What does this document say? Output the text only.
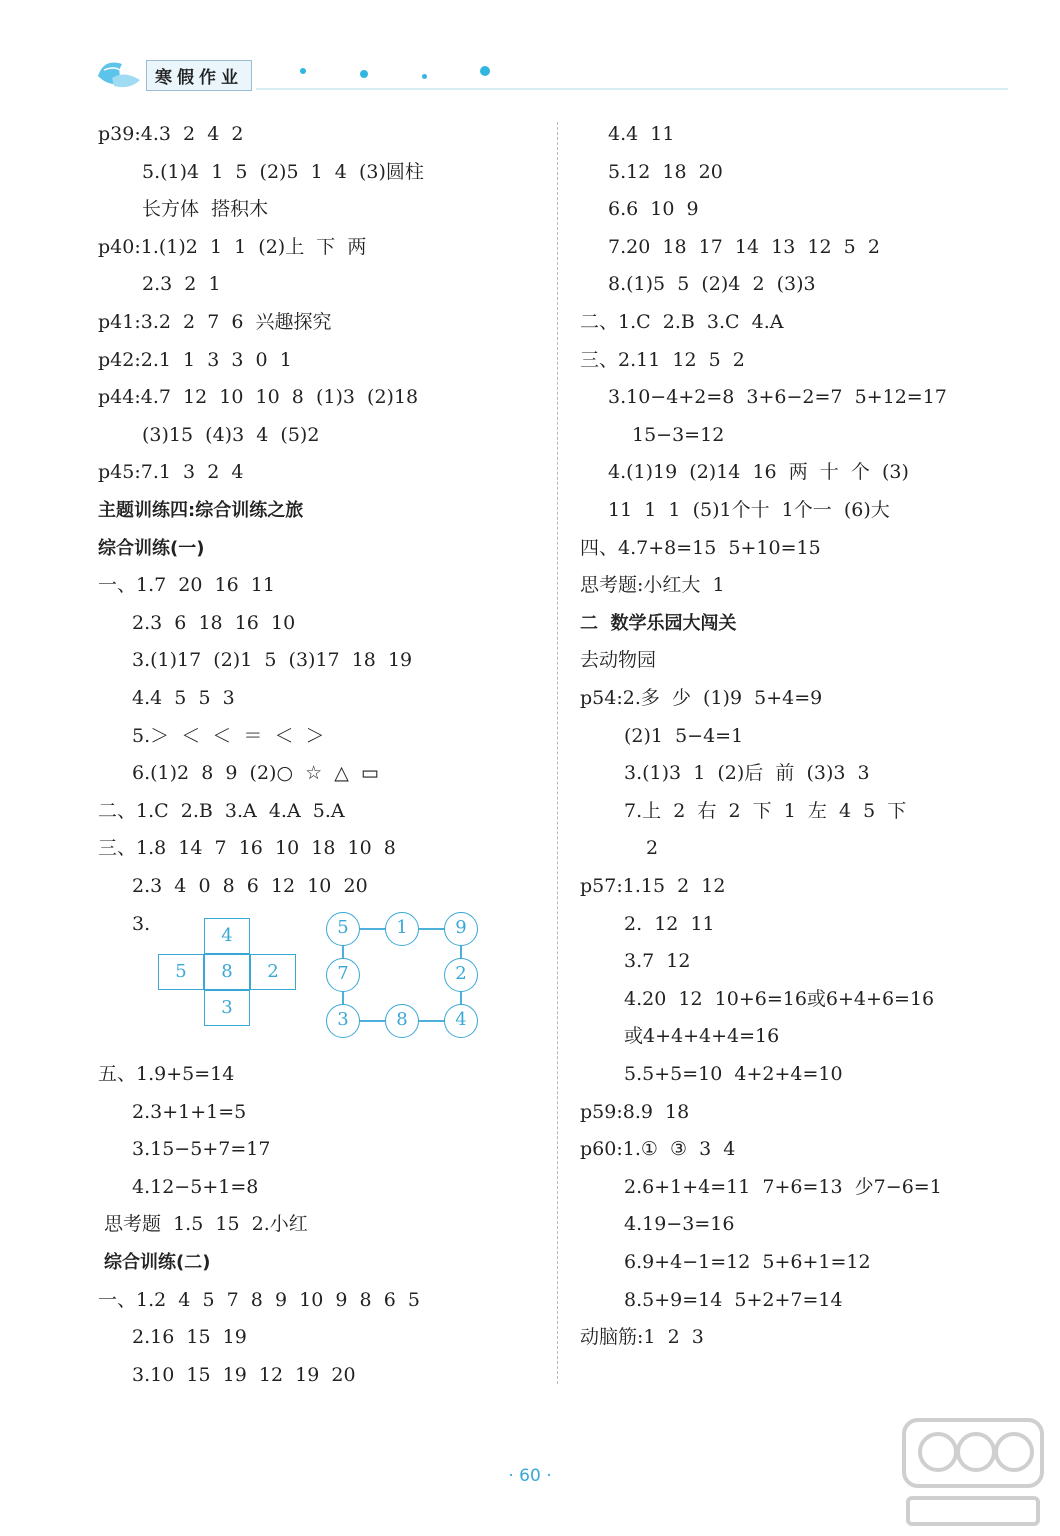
寒假作业
p39:4.3  2  4  2
5.(1)4  1  5  (2)5  1  4  (3)圆柱
长方体  搭积木
p40:1.(1)2  1  1  (2)上  下  两
2.3  2  1
p41:3.2  2  7  6  兴趣探究
p42:2.1  1  3  3  0  1
p44:4.7  12  10  10  8  (1)3  (2)18
(3)15  (4)3  4  (5)2
p45:7.1  3  2  4
主题训练四:综合训练之旅
综合训练(一)
一、1.7  20  16  11
2.3  6  18  16  10
3.(1)17  (2)1  5  (3)17  18  19
4.4  5  5  3
5.＞  ＜  ＜  ＝  ＜  ＞
6.(1)2  8  9  (2)○  ☆  △  ▭
二、1.C  2.B  3.A  4.A  5.A
三、1.8  14  7  16  10  18  10  8
2.3  4  0  8  6  12  10  20
3.
五、1.9+5=14
2.3+1+1=5
3.15−5+7=17
4.12−5+1=8
思考题  1.5  15  2.小红
综合训练(二)
一、1.2  4  5  7  8  9  10  9  8  6  5
2.16  15  19
3.10  15  19  12  19  20
4.4  11
5.12  18  20
6.6  10  9
7.20  18  17  14  13  12  5  2
8.(1)5  5  (2)4  2  (3)3
二、1.C  2.B  3.C  4.A
三、2.11  12  5  2
3.10−4+2=8  3+6−2=7  5+12=17
15−3=12
4.(1)19  (2)14  16  两  十  个  (3)
11  1  1  (5)1个十  1个一  (6)大
四、4.7+8=15  5+10=15
思考题:小红大  1
二  数学乐园大闯关
去动物园
p54:2.多  少  (1)9  5+4=9
(2)1  5−4=1
3.(1)3  1  (2)后  前  (3)3  3
7.上  2  右  2  下  1  左  4  5  下
2
p57:1.15  2  12
2.  12  11
3.7  12
4.20  12  10+6=16或6+4+6=16
或4+4+4+4=16
5.5+5=10  4+2+4=10
p59:8.9  18
p60:1.①  ③  3  4
2.6+1+4=11  7+6=13  少7−6=1
4.19−3=16
6.9+4−1=12  5+6+1=12
8.5+9=14  5+2+7=14
动脑筋:1  2  3
4
5	8	2
3
5	1	9
7	2
3	8	4
· 60 ·
